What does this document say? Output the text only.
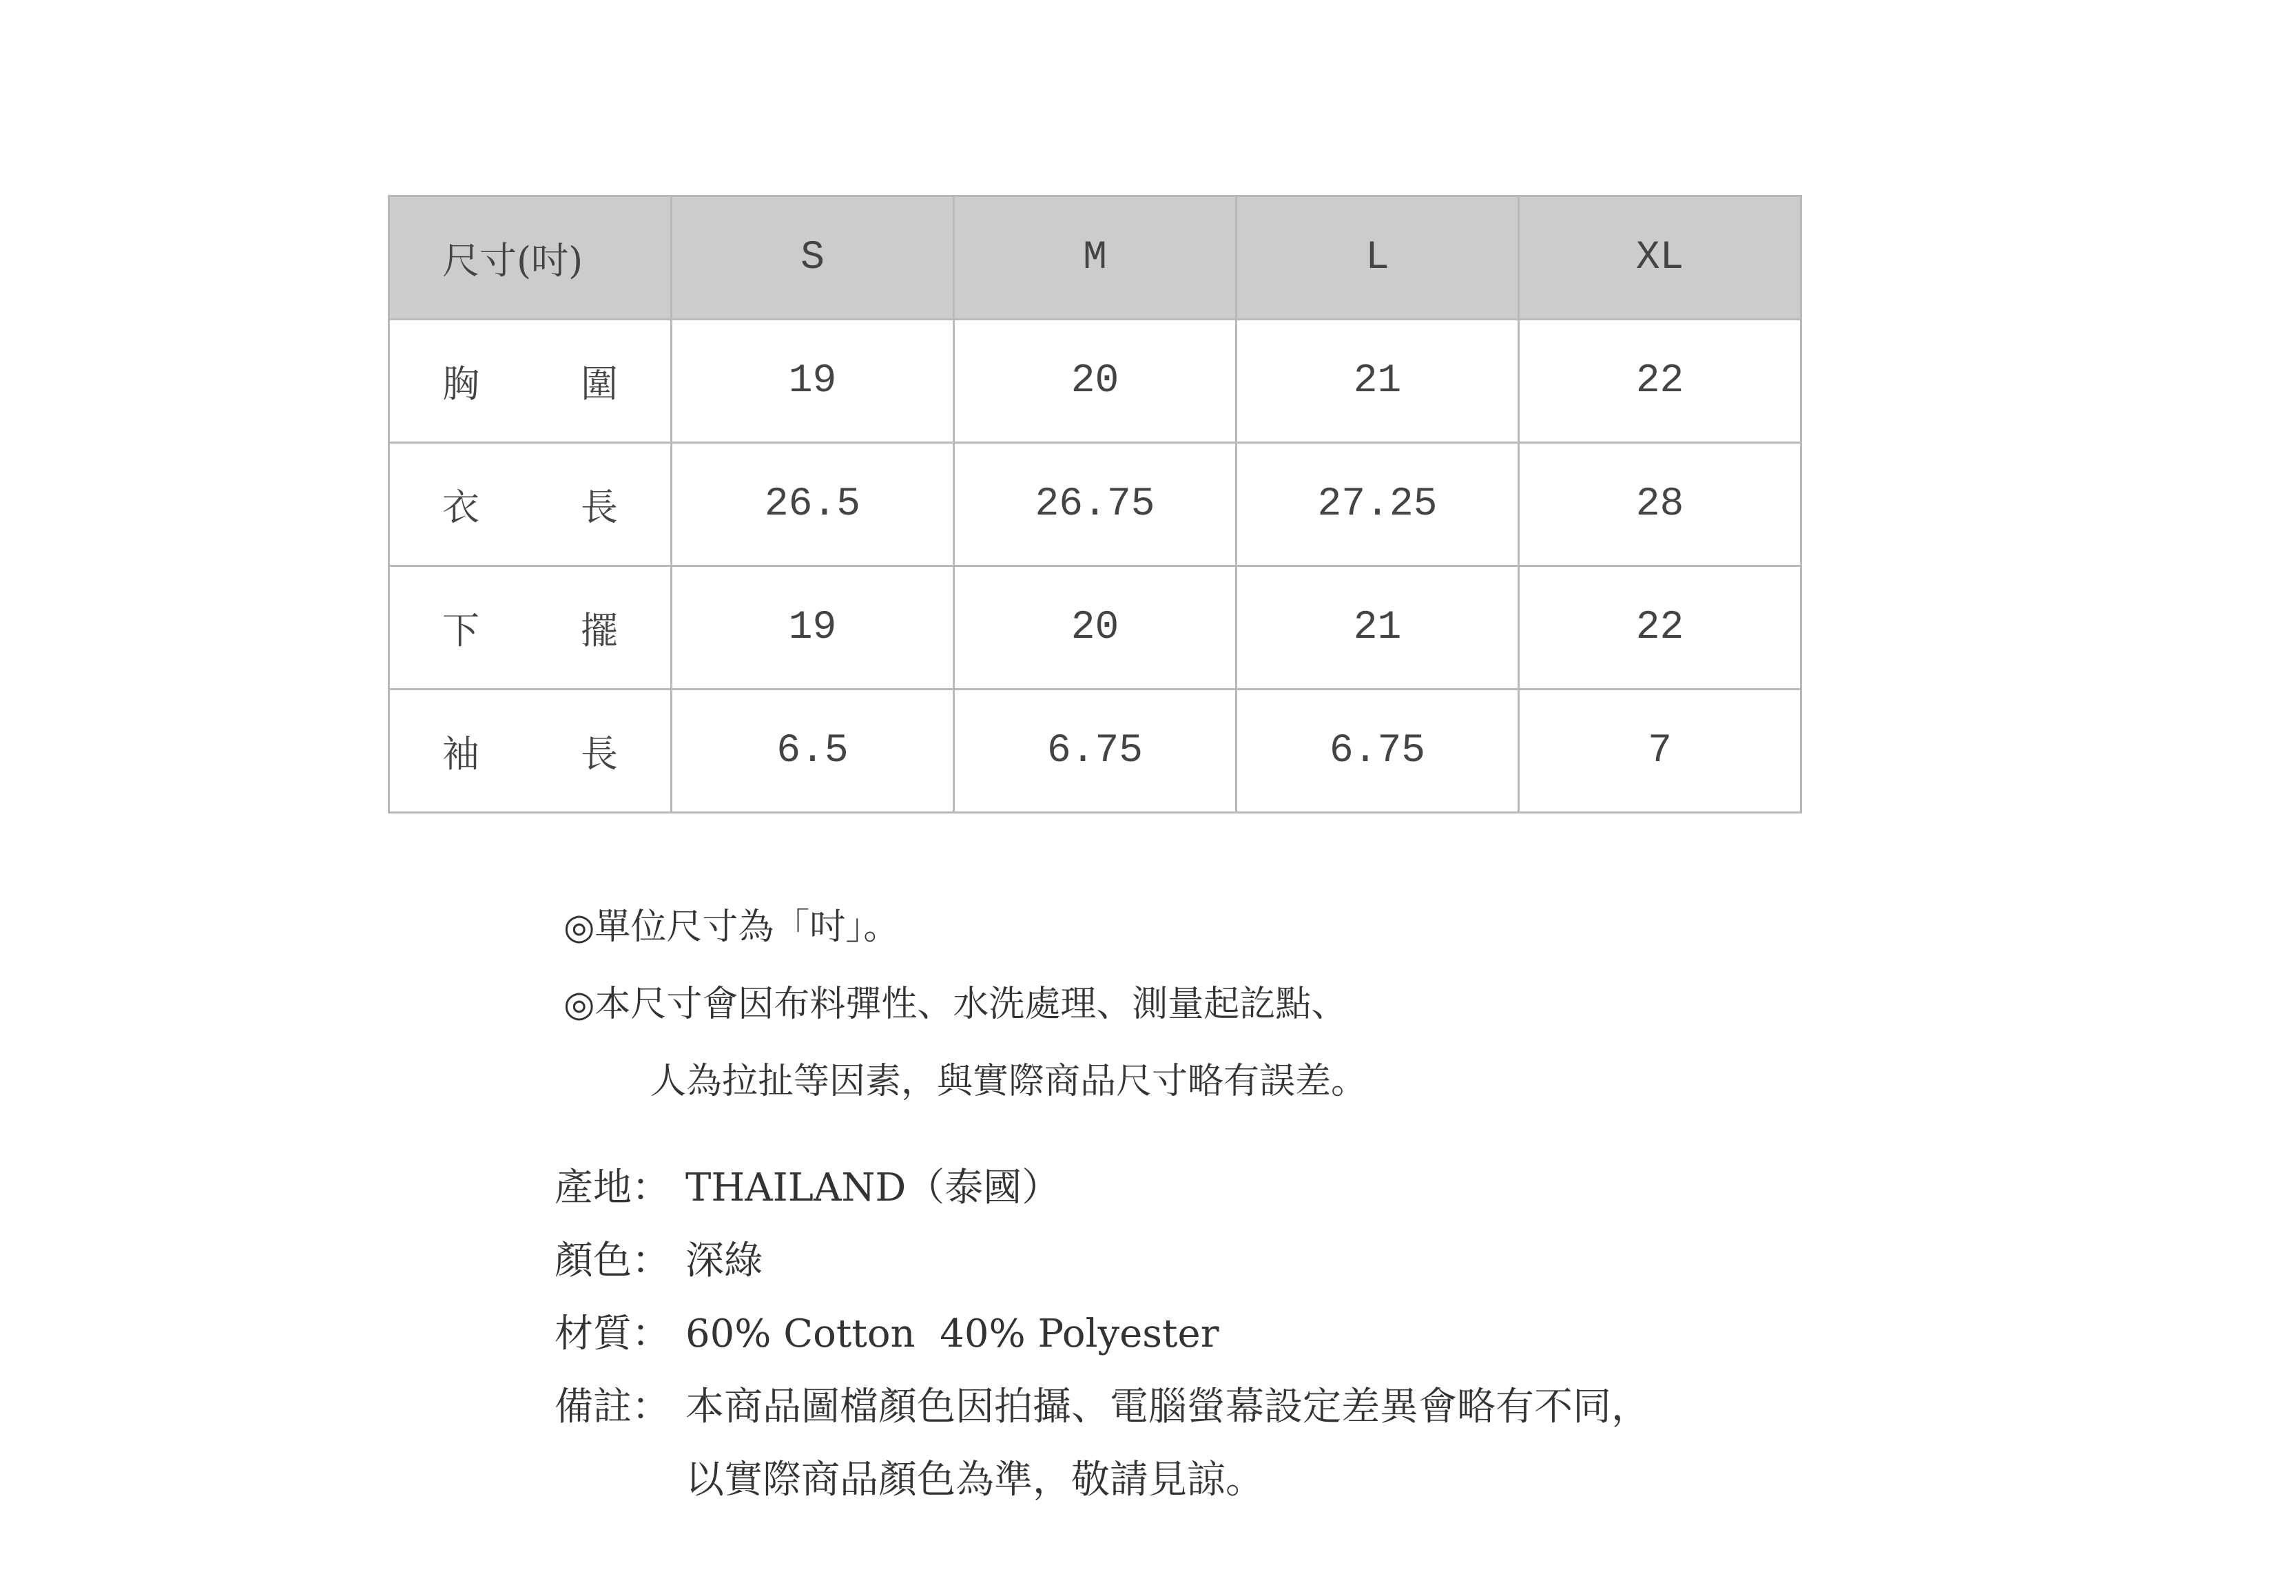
尺寸(吋)	S	M	L	XL

胸 圍	19	20	21	22

衣 長	26.5	26.75	27.25	28

下 擺	19	20	21	22

袖 長	6.5	6.75	6.75	7
◎單位尺寸為「吋」。
◎本尺寸會因布料彈性、水洗處理、測量起訖點、
人為拉扯等因素，與實際商品尺寸略有誤差。
產地： THAILAND（泰國）
顏色： 深綠
材質： 60% Cotton  40% Polyester
備註： 本商品圖檔顏色因拍攝、電腦螢幕設定差異會略有不同，
以實際商品顏色為準，敬請見諒。
